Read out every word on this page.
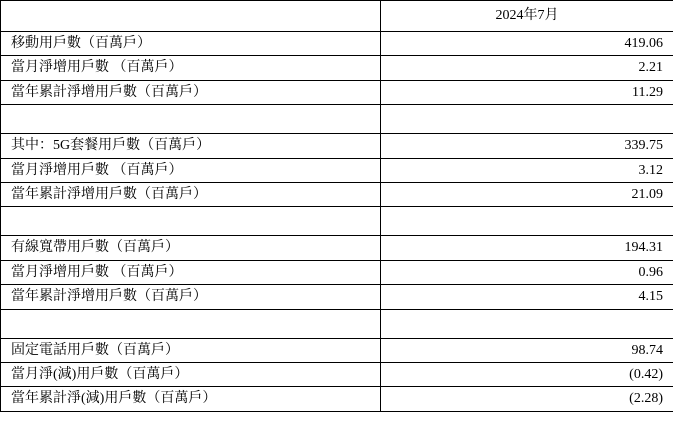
	2024年7月

移動用戶數（百萬戶）	419.06

當月淨增用戶數 （百萬戶）	2.21

當年累計淨增用戶數（百萬戶）	11.29

其中：5G套餐用戶數（百萬戶）	339.75

當月淨增用戶數 （百萬戶）	3.12

當年累計淨增用戶數（百萬戶）	21.09

有線寬帶用戶數（百萬戶）	194.31

當月淨增用戶數 （百萬戶）	0.96

當年累計淨增用戶數（百萬戶）	4.15

固定電話用戶數（百萬戶）	98.74

當月淨(減)用戶數（百萬戶）	(0.42)

當年累計淨(減)用戶數（百萬戶）	(2.28)
